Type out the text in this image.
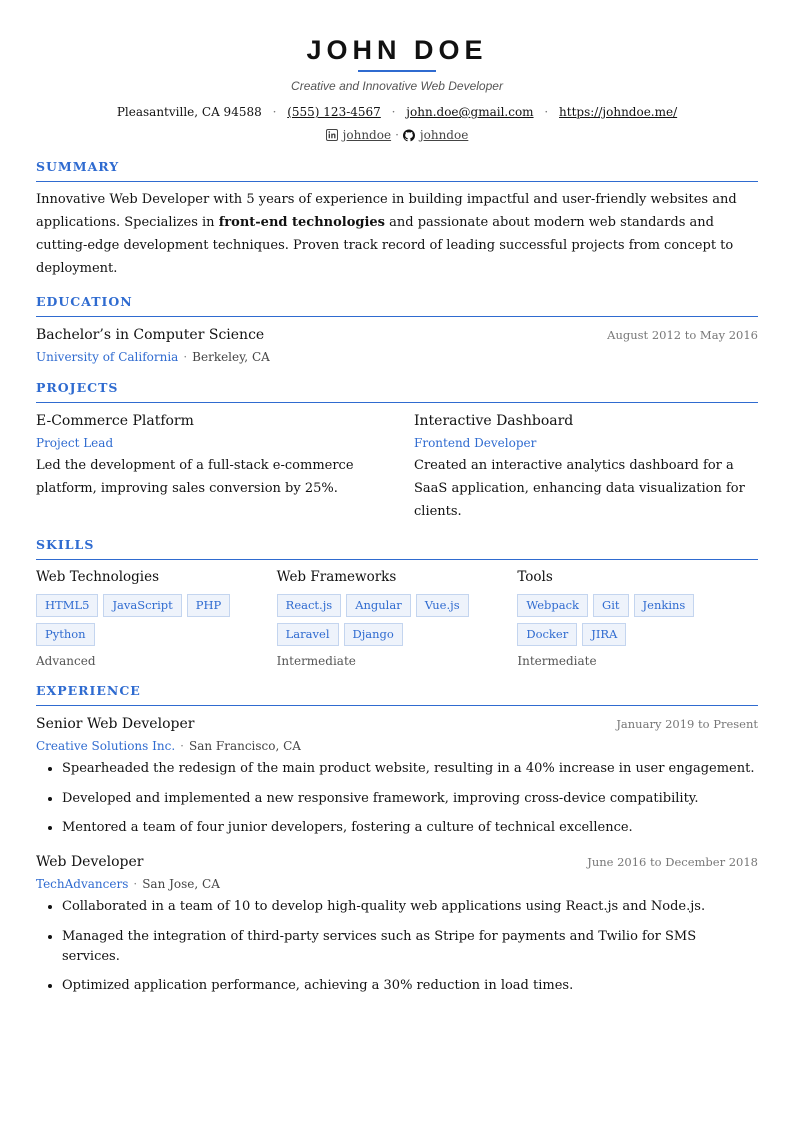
JOHN DOE
Creative and Innovative Web Developer
Pleasantville, CA 94588 · (555) 123-4567 · john.doe@gmail.com · https://johndoe.me/
johndoe · johndoe
SUMMARY
Innovative Web Developer with 5 years of experience in building impactful and user-friendly websites and applications. Specializes in front-end technologies and passionate about modern web standards and cutting-edge development techniques. Proven track record of leading successful projects from concept to deployment.
EDUCATION
Bachelor’s in Computer Science	August 2012 to May 2016
University of California · Berkeley, CA
PROJECTS
E-Commerce Platform
Project Lead
Led the development of a full-stack e-commerce platform, improving sales conversion by 25%.
Interactive Dashboard
Frontend Developer
Created an interactive analytics dashboard for a SaaS application, enhancing data visualization for clients.
SKILLS
Web Technologies
HTML5	JavaScript	PHP
Python
Advanced
Web Frameworks
React.js	Angular	Vue.js
Laravel	Django
Intermediate
Tools
Webpack	Git	Jenkins
Docker	JIRA
Intermediate
EXPERIENCE
Senior Web Developer	January 2019 to Present
Creative Solutions Inc. · San Francisco, CA
• Spearheaded the redesign of the main product website, resulting in a 40% increase in user engagement.
• Developed and implemented a new responsive framework, improving cross-device compatibility.
• Mentored a team of four junior developers, fostering a culture of technical excellence.
Web Developer	June 2016 to December 2018
TechAdvancers · San Jose, CA
• Collaborated in a team of 10 to develop high-quality web applications using React.js and Node.js.
• Managed the integration of third-party services such as Stripe for payments and Twilio for SMS services.
• Optimized application performance, achieving a 30% reduction in load times.
